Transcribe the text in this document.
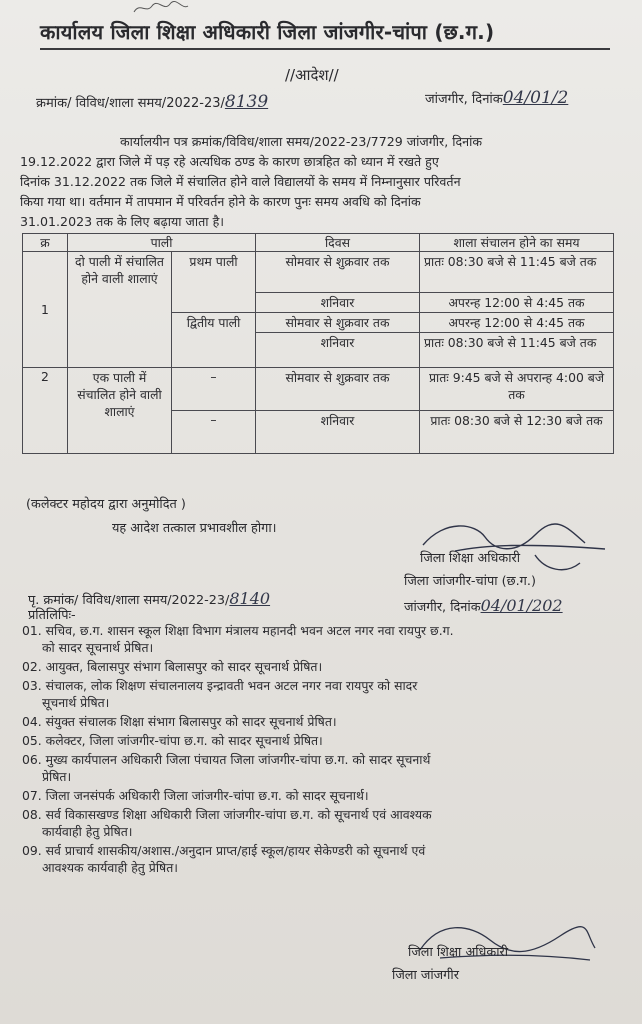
कार्यालय जिला शिक्षा अधिकारी जिला जांजगीर-चांपा (छ.ग.)
//आदेश//
क्रमांक/ विविध/शाला समय/2022-23/8139	जांजगीर, दिनांक04/01/2

कार्यालयीन पत्र क्रमांक/विविध/शाला समय/2022-23/7729 जांजगीर, दिनांक

19.12.2022 द्वारा जिले में पड़ रहे अत्यधिक ठण्ड के कारण छात्रहित को ध्यान में रखते हुए

दिनांक 31.12.2022 तक जिले में संचालित होने वाले विद्यालयों के समय में निम्नानुसार परिवर्तन

किया गया था। वर्तमान में तापमान में परिवर्तन होने के कारण पुनः समय अवधि को दिनांक

31.01.2023 तक के लिए बढ़ाया जाता है।

क्र	पाली		दिवस	शाला संचालन होने का समय
1	दो पाली में संचालित होने वाली शालाएं	प्रथम पाली	सोमवार से शुक्रवार तक	प्रातः 08:30 बजे से 11:45 बजे तक
			शनिवार	अपरन्ह 12:00 से 4:45 तक
		द्वितीय पाली	सोमवार से शुक्रवार तक	अपरन्ह 12:00 से 4:45 तक
			शनिवार	प्रातः 08:30 बजे से 11:45 बजे तक
2	एक पाली में संचालित होने वाली शालाएं	–	सोमवार से शुक्रवार तक	प्रातः 9:45 बजे से अपरान्ह 4:00 बजे तक
		–	शनिवार	प्रातः 08:30 बजे से 12:30 बजे तक
(कलेक्टर महोदय द्वारा अनुमोदित )
यह आदेश तत्काल प्रभावशील होगा।
जिला शिक्षा अधिकारी
जिला जांजगीर-चांपा (छ.ग.)
जांजगीर, दिनांक04/01/202
पृ. क्रमांक/ विविध/शाला समय/2022-23/8140
प्रतिलिपिः-
01. सचिव, छ.ग. शासन स्कूल शिक्षा विभाग मंत्रालय महानदी भवन अटल नगर नवा रायपुर छ.ग.
को सादर सूचनार्थ प्रेषित।
02. आयुक्त, बिलासपुर संभाग बिलासपुर को सादर सूचनार्थ प्रेषित।
03. संचालक, लोक शिक्षण संचालनालय इन्द्रावती भवन अटल नगर नवा रायपुर को सादर
सूचनार्थ प्रेषित।
04. संयुक्त संचालक शिक्षा संभाग बिलासपुर को सादर सूचनार्थ प्रेषित।
05. कलेक्टर, जिला जांजगीर-चांपा छ.ग. को सादर सूचनार्थ प्रेषित।
06. मुख्य कार्यपालन अधिकारी जिला पंचायत जिला जांजगीर-चांपा छ.ग. को सादर सूचनार्थ
प्रेषित।
07. जिला जनसंपर्क अधिकारी जिला जांजगीर-चांपा छ.ग. को सादर सूचनार्थ।
08. सर्व विकासखण्ड शिक्षा अधिकारी जिला जांजगीर-चांपा छ.ग. को सूचनार्थ एवं आवश्यक
कार्यवाही हेतु प्रेषित।
09. सर्व प्राचार्य शासकीय/अशास./अनुदान प्राप्त/हाई स्कूल/हायर सेकेण्डरी को सूचनार्थ एवं
आवश्यक कार्यवाही हेतु प्रेषित।
जिला शिक्षा अधिकारी
जिला जांजगीर
